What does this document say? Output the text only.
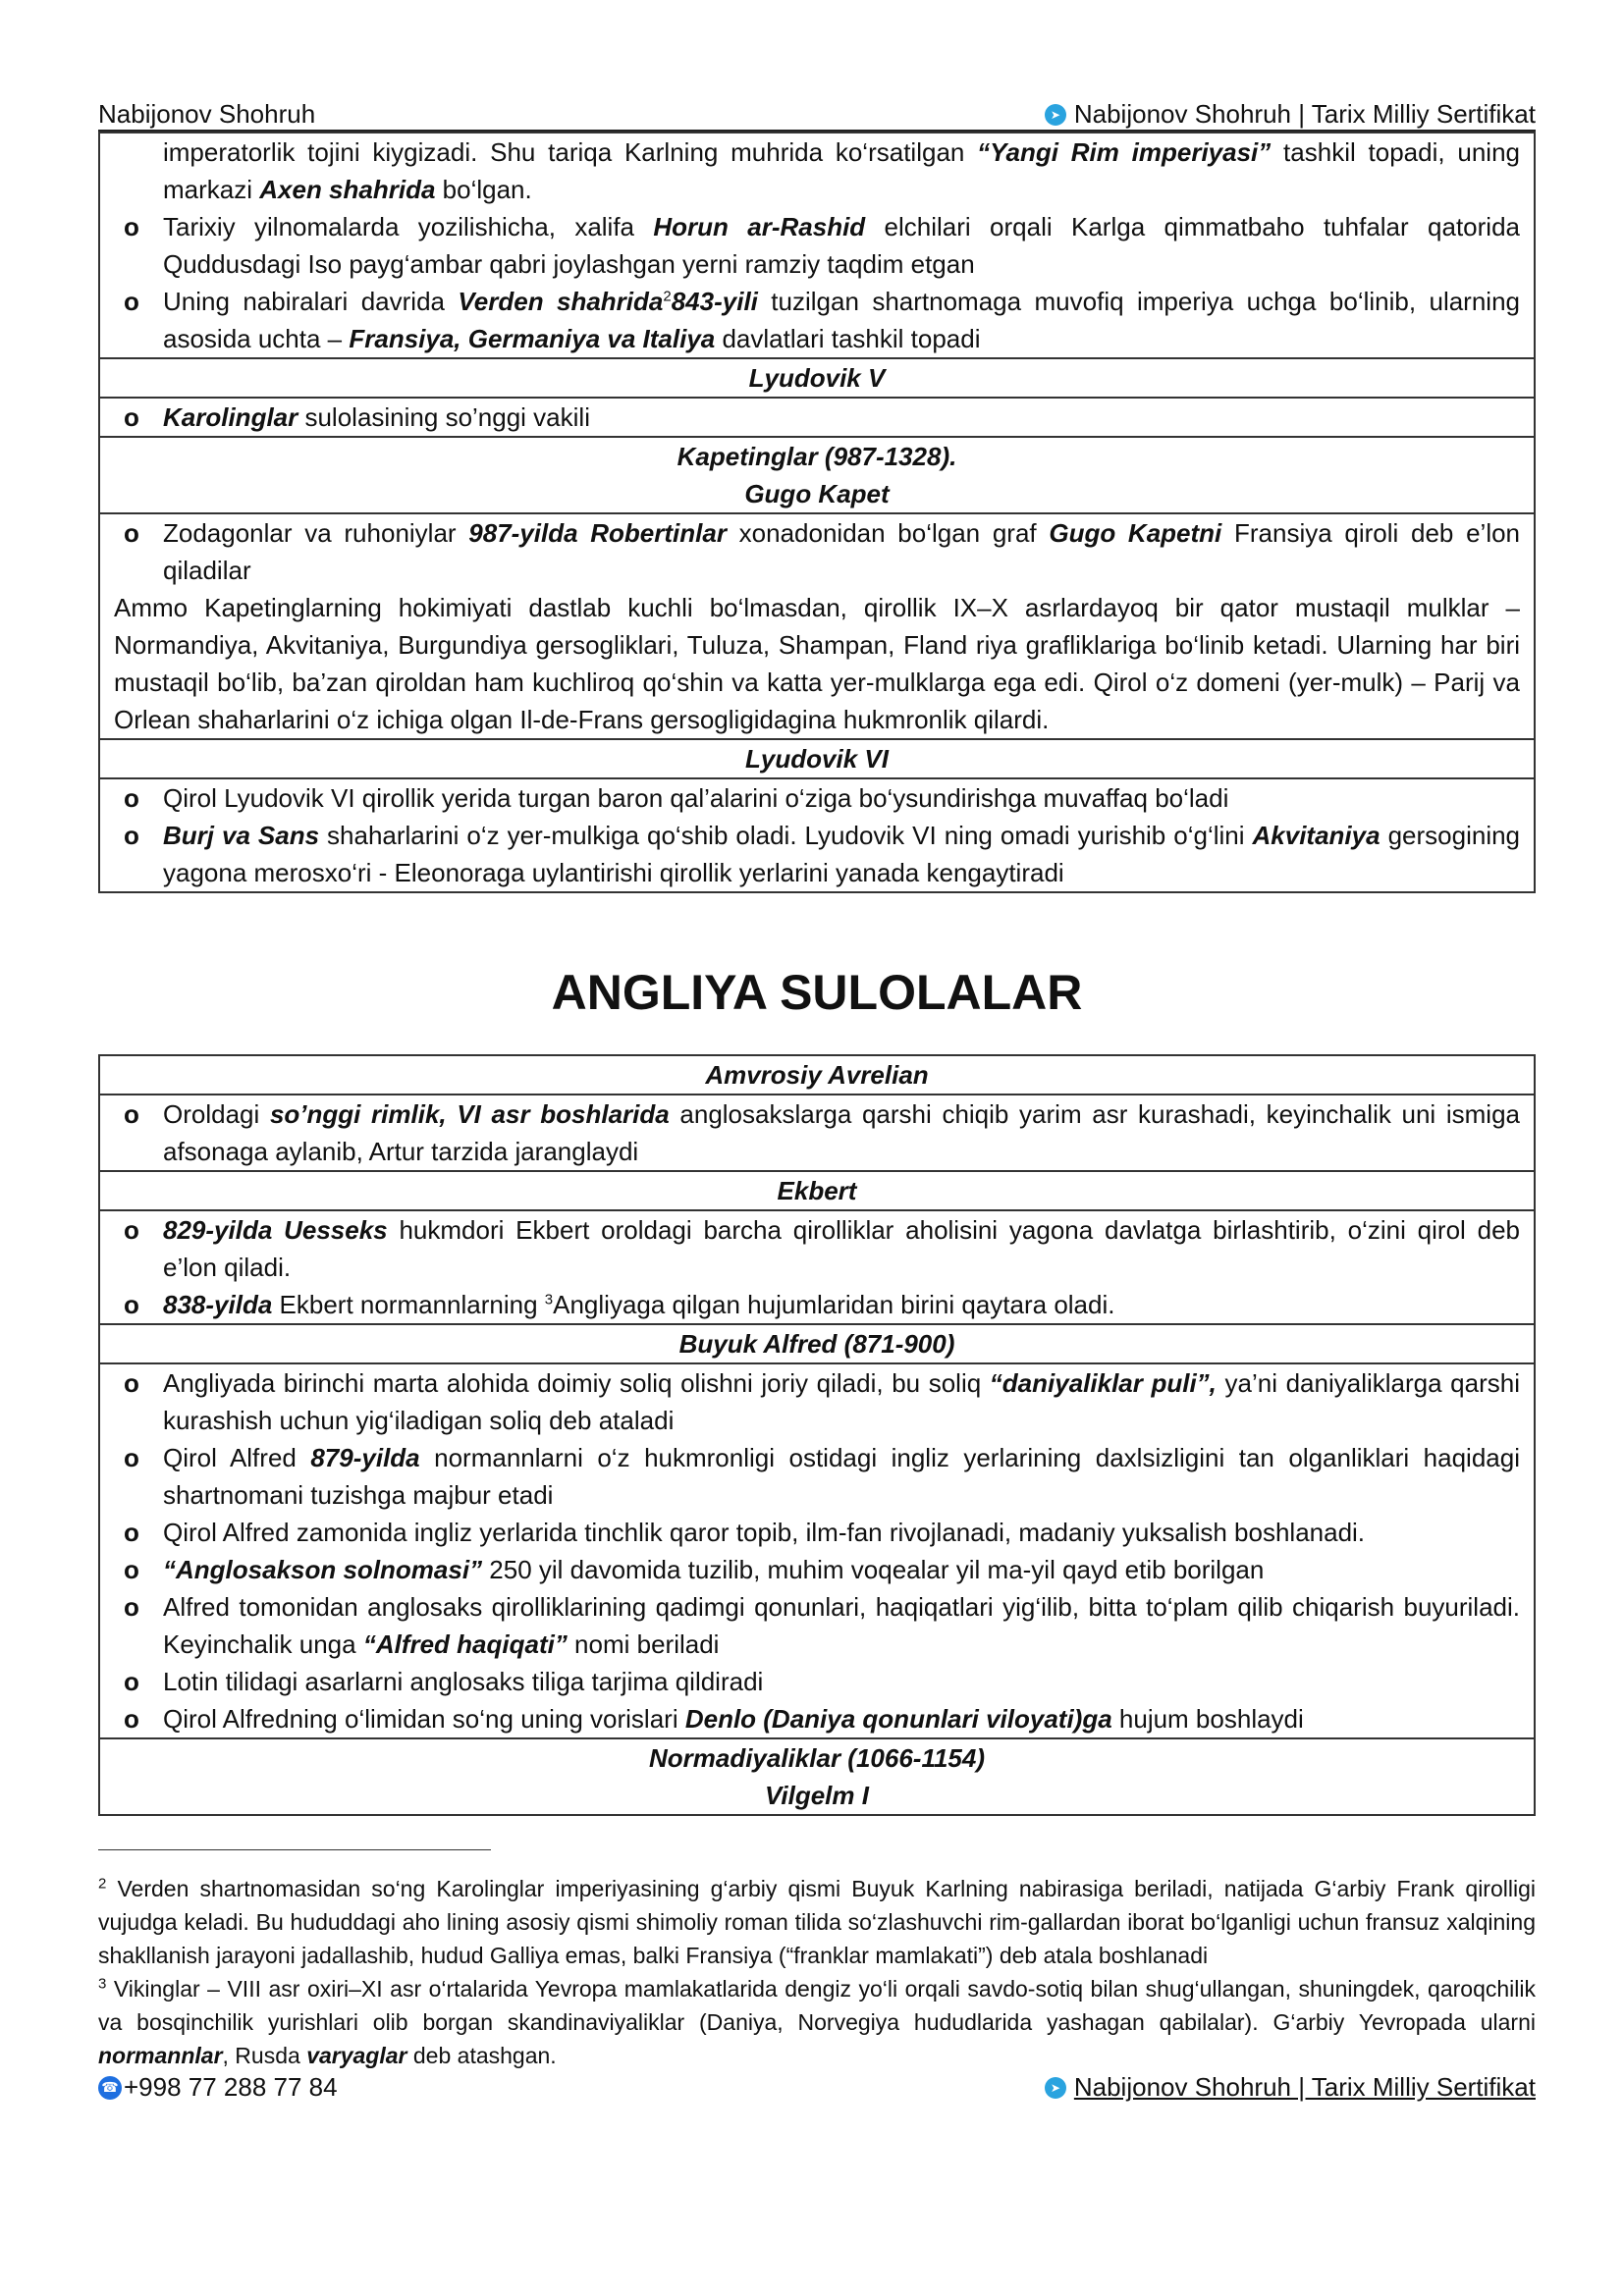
Nabijonov Shohruh	➤ Nabijonov Shohruh | Tarix Milliy Sertifikat
imperatorlik tojini kiygizadi. Shu tariqa Karlning muhrida ko‘rsatilgan “Yangi Rim imperiyasi” tashkil topadi, uning markazi Axen shahrida bo‘lgan.
o Tarixiy yilnomalarda yozilishicha, xalifa Horun ar-Rashid elchilari orqali Karlga qimmatbaho tuhfalar qatorida Quddusdagi Iso payg‘ambar qabri joylashgan yerni ramziy taqdim etgan
o Uning nabiralari davrida Verden shahrida$^2$843-yili tuzilgan shartnomaga muvofiq imperiya uchga bo‘linib, ularning asosida uchta – Fransiya, Germaniya va Italiya davlatlari tashkil topadi

Lyudovik V

o Karolinglar sulolasining so’nggi vakili

Kapetinglar (987-1328).
Gugo Kapet

o Zodagonlar va ruhoniylar 987-yilda Robertinlar xonadonidan bo‘lgan graf Gugo Kapetni Fransiya qiroli deb e’lon qiladilar

Ammo Kapetinglarning hokimiyati dastlab kuchli bo‘lmasdan, qirollik IX–X asrlardayoq bir qator mustaqil mulklar – Normandiya, Akvitaniya, Burgundiya gersogliklari, Tuluza, Shampan, Fland riya grafliklariga bo‘linib ketadi. Ularning har biri mustaqil bo‘lib, ba’zan qiroldan ham kuchliroq qo‘shin va katta yer-mulklarga ega edi. Qirol o‘z domeni (yer-mulk) – Parij va Orlean shaharlarini o‘z ichiga olgan Il-de-Frans gersogligidagina hukmronlik qilardi.

Lyudovik VI

o Qirol Lyudovik VI qirollik yerida turgan baron qal’alarini o‘ziga bo‘ysundirishga muvaffaq bo‘ladi
o Burj va Sans shaharlarini o‘z yer-mulkiga qo‘shib oladi. Lyudovik VI ning omadi yurishib o‘g‘lini Akvitaniya gersogining yagona merosxo‘ri - Eleonoraga uylantirishi qirollik yerlarini yanada kengaytiradi
ANGLIYA SULOLALAR
Amvrosiy Avrelian

o Oroldagi so’nggi rimlik, VI asr boshlarida anglosakslarga qarshi chiqib yarim asr kurashadi, keyinchalik uni ismiga afsonaga aylanib, Artur tarzida jaranglaydi

Ekbert

o 829-yilda Uesseks hukmdori Ekbert oroldagi barcha qirolliklar aholisini yagona davlatga birlashtirib, o‘zini qirol deb e’lon qiladi.
o 838-yilda Ekbert normannlarning $^3$Angliyaga qilgan hujumlaridan birini qaytara oladi.

Buyuk Alfred (871-900)

o Angliyada birinchi marta alohida doimiy soliq olishni joriy qiladi, bu soliq “daniyaliklar puli”, ya’ni daniyaliklarga qarshi kurashish uchun yig‘iladigan soliq deb ataladi
o Qirol Alfred 879-yilda normannlarni o‘z hukmronligi ostidagi ingliz yerlarining daxlsizligini tan olganliklari haqidagi shartnomani tuzishga majbur etadi
o Qirol Alfred zamonida ingliz yerlarida tinchlik qaror topib, ilm-fan rivojlanadi, madaniy yuksalish boshlanadi.
o “Anglosakson solnomasi” 250 yil davomida tuzilib, muhim voqealar yil ma-yil qayd etib borilgan
o Alfred tomonidan anglosaks qirolliklarining qadimgi qonunlari, haqiqatlari yig‘ilib, bitta to‘plam qilib chiqarish buyuriladi. Keyinchalik unga “Alfred haqiqati” nomi beriladi
o Lotin tilidagi asarlarni anglosaks tiliga tarjima qildiradi
o Qirol Alfredning o‘limidan so‘ng uning vorislari Denlo (Daniya qonunlari viloyati)ga hujum boshlaydi

Normadiyaliklar (1066-1154)
Vilgelm I
$^2$ Verden shartnomasidan so‘ng Karolinglar imperiyasining g‘arbiy qismi Buyuk Karlning nabirasiga beriladi, natijada G‘arbiy Frank qirolligi vujudga keladi. Bu hududdagi aho lining asosiy qismi shimoliy roman tilida so‘zlashuvchi rim-gallardan iborat bo‘lganligi uchun fransuz xalqining shakllanish jarayoni jadallashib, hudud Galliya emas, balki Fransiya (“franklar mamlakati”) deb atala boshlanadi
$^3$ Vikinglar – VIII asr oxiri–XI asr o‘rtalarida Yevropa mamlakatlarida dengiz yo‘li orqali savdo-sotiq bilan shug‘ullangan, shuningdek, qaroqchilik va bosqinchilik yurishlari olib borgan skandinaviyaliklar (Daniya, Norvegiya hududlarida yashagan qabilalar). G‘arbiy Yevropada ularni normannlar, Rusda varyaglar deb atashgan.
☎ +998 77 288 77 84	➤ Nabijonov Shohruh | Tarix Milliy Sertifikat
